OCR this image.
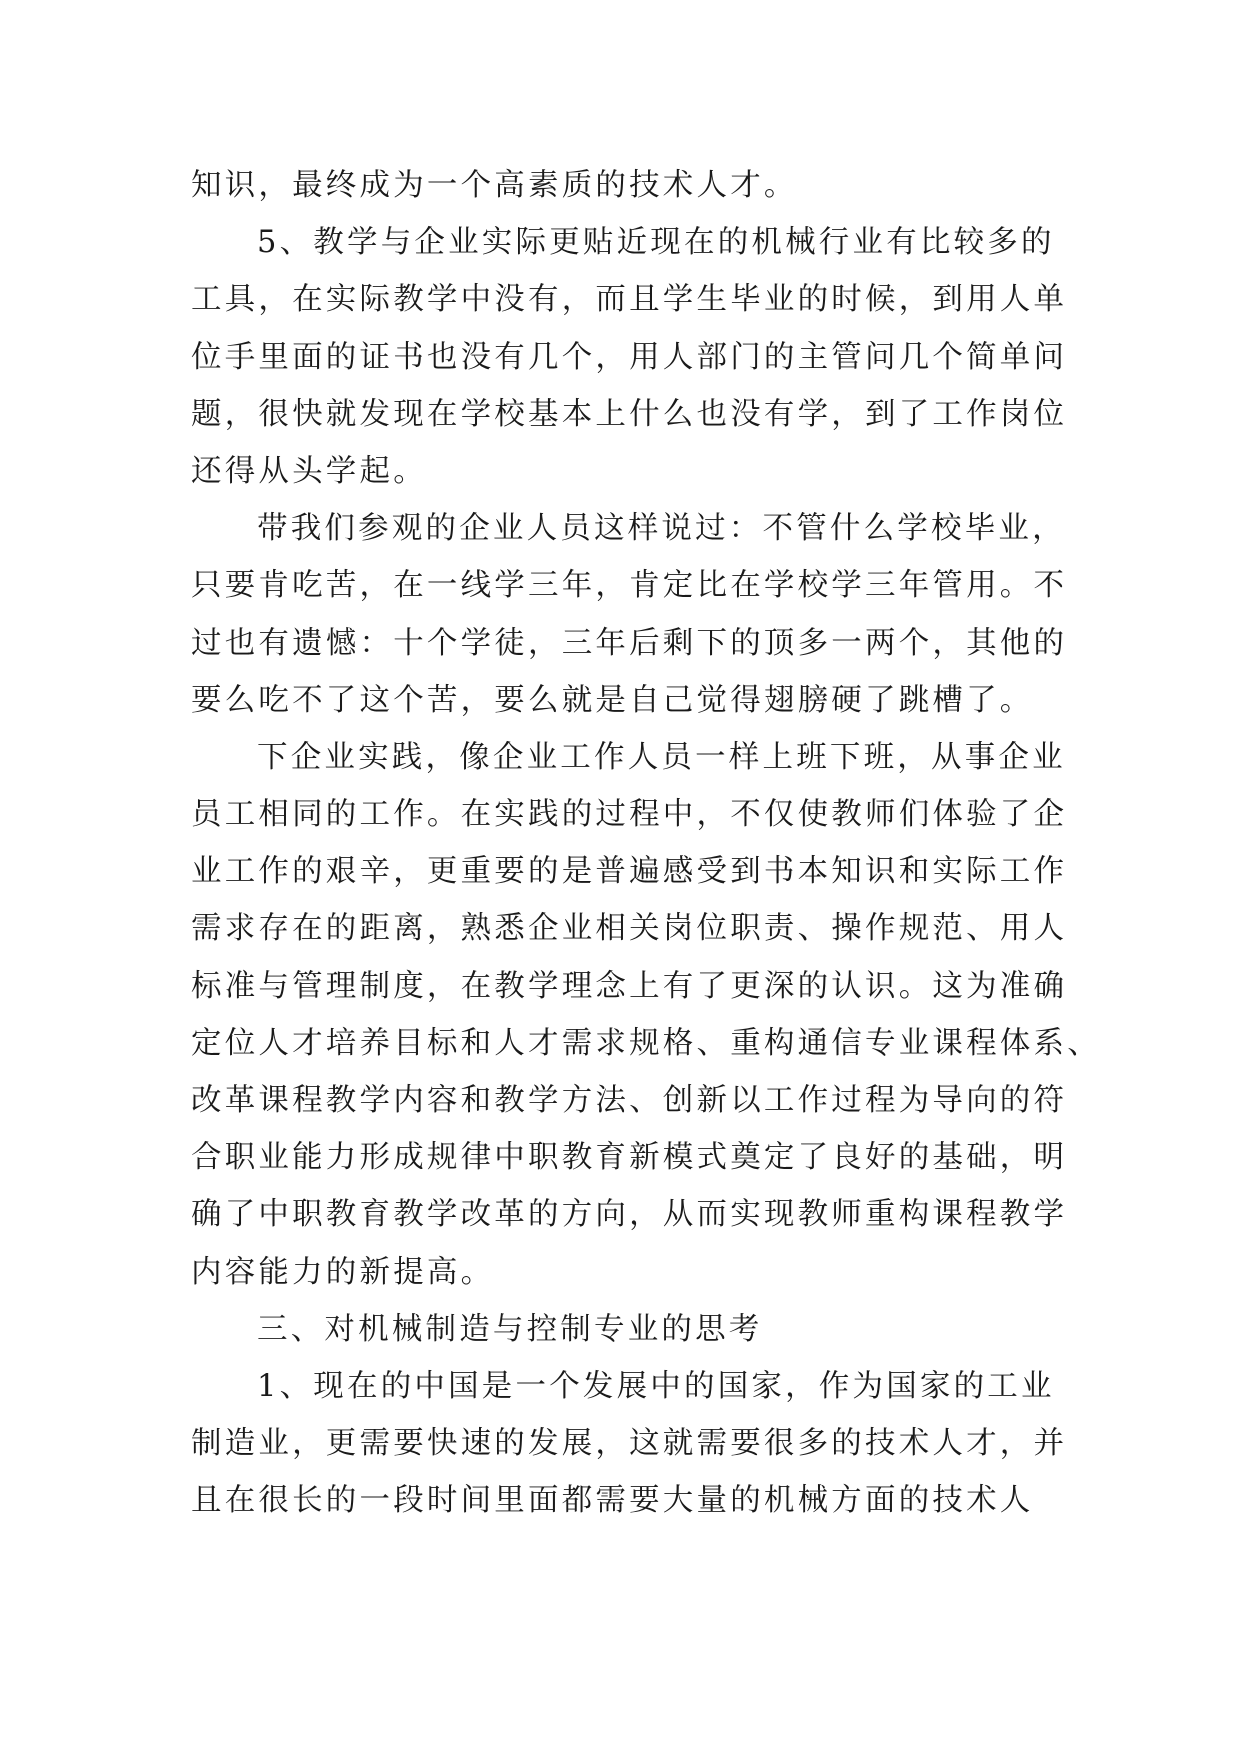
知识，最终成为一个高素质的技术人才。
5、教学与企业实际更贴近现在的机械行业有比较多的
工具，在实际教学中没有，而且学生毕业的时候，到用人单
位手里面的证书也没有几个，用人部门的主管问几个简单问
题，很快就发现在学校基本上什么也没有学，到了工作岗位
还得从头学起。
带我们参观的企业人员这样说过：不管什么学校毕业，
只要肯吃苦，在一线学三年，肯定比在学校学三年管用。不
过也有遗憾：十个学徒，三年后剩下的顶多一两个，其他的
要么吃不了这个苦，要么就是自己觉得翅膀硬了跳槽了。
下企业实践，像企业工作人员一样上班下班，从事企业
员工相同的工作。在实践的过程中，不仅使教师们体验了企
业工作的艰辛，更重要的是普遍感受到书本知识和实际工作
需求存在的距离，熟悉企业相关岗位职责、操作规范、用人
标准与管理制度，在教学理念上有了更深的认识。这为准确
定位人才培养目标和人才需求规格、重构通信专业课程体系、
改革课程教学内容和教学方法、创新以工作过程为导向的符
合职业能力形成规律中职教育新模式奠定了良好的基础，明
确了中职教育教学改革的方向，从而实现教师重构课程教学
内容能力的新提高。
三、对机械制造与控制专业的思考
1、现在的中国是一个发展中的国家，作为国家的工业
制造业，更需要快速的发展，这就需要很多的技术人才，并
且在很长的一段时间里面都需要大量的机械方面的技术人
